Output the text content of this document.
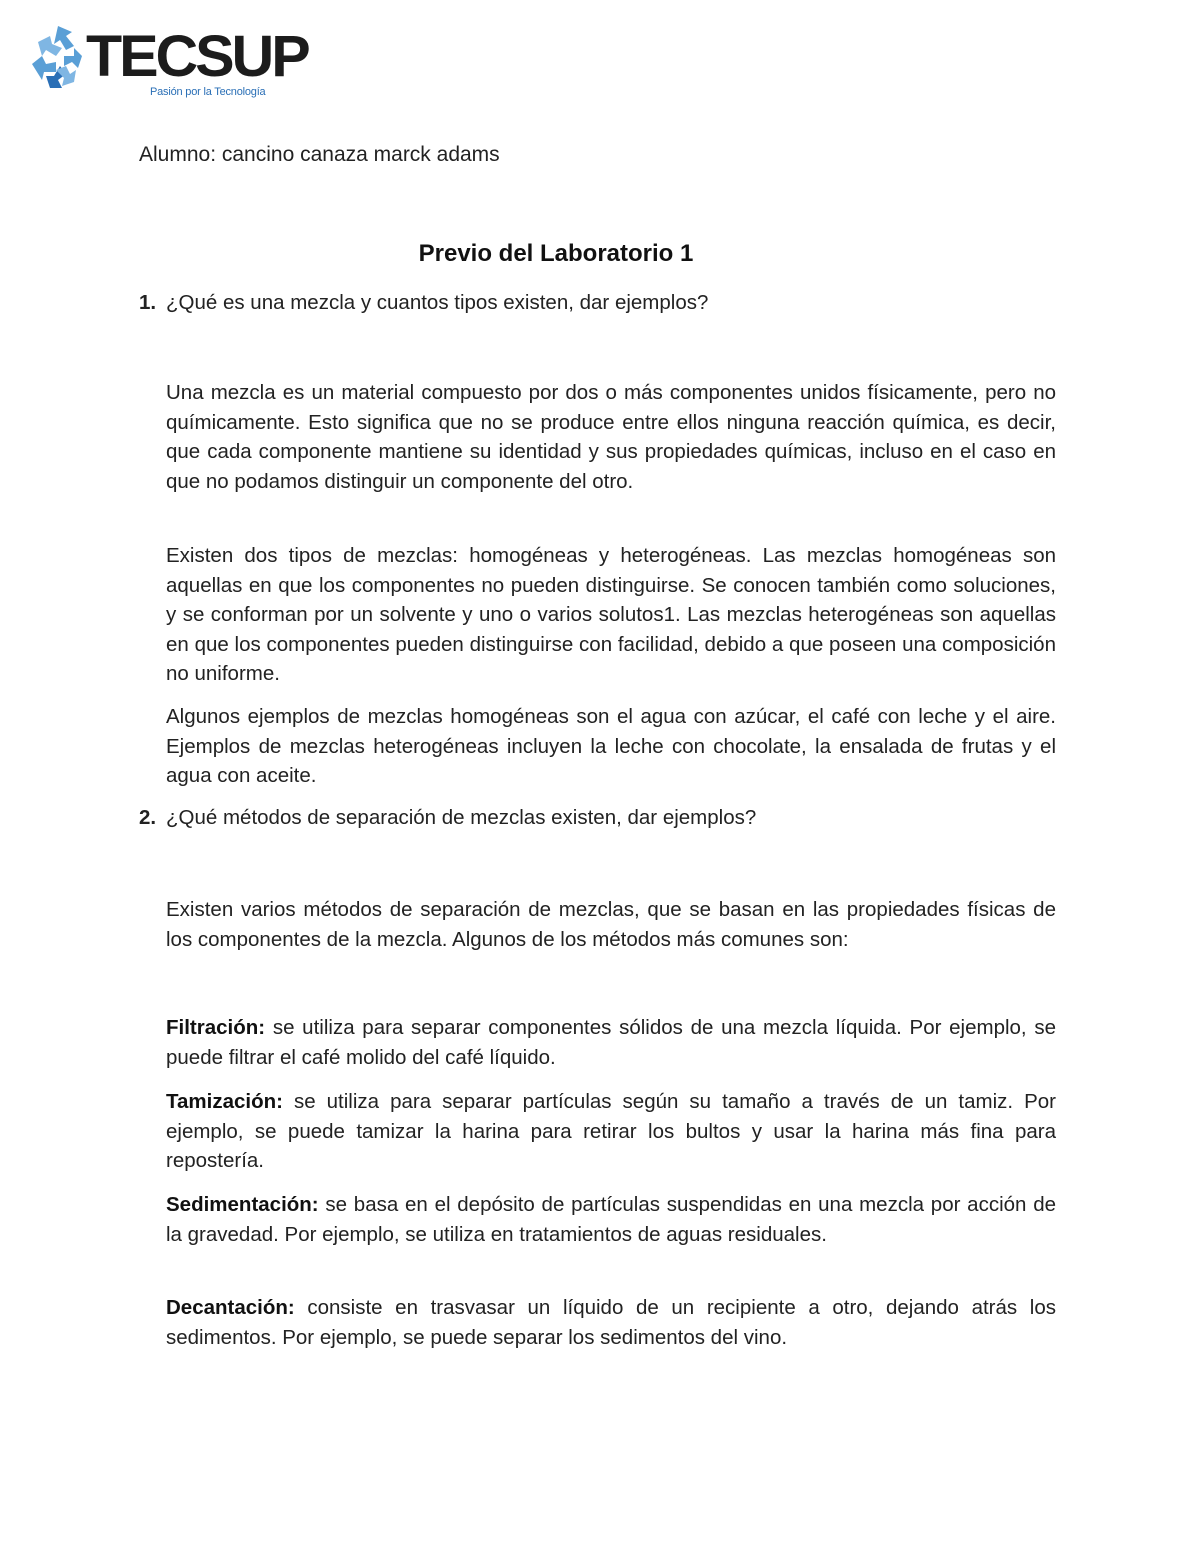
TECSUP
Pasión por la Tecnología
Alumno: cancino canaza marck adams
Previo del Laboratorio 1
1. ¿Qué es una mezcla y cuantos tipos existen, dar ejemplos?

Una mezcla es un material compuesto por dos o más componentes unidos físicamente, pero no químicamente. Esto significa que no se produce entre ellos ninguna reacción química, es decir, que cada componente mantiene su identidad y sus propiedades químicas, incluso en el caso en que no podamos distinguir un componente del otro.

Existen dos tipos de mezclas: homogéneas y heterogéneas. Las mezclas homogéneas son aquellas en que los componentes no pueden distinguirse. Se conocen también como soluciones, y se conforman por un solvente y uno o varios solutos1. Las mezclas heterogéneas son aquellas en que los componentes pueden distinguirse con facilidad, debido a que poseen una composición no uniforme.

Algunos ejemplos de mezclas homogéneas son el agua con azúcar, el café con leche y el aire. Ejemplos de mezclas heterogéneas incluyen la leche con chocolate, la ensalada de frutas y el agua con aceite.

2. ¿Qué métodos de separación de mezclas existen, dar ejemplos?

Existen varios métodos de separación de mezclas, que se basan en las propiedades físicas de los componentes de la mezcla. Algunos de los métodos más comunes son:

Filtración: se utiliza para separar componentes sólidos de una mezcla líquida. Por ejemplo, se puede filtrar el café molido del café líquido.

Tamización: se utiliza para separar partículas según su tamaño a través de un tamiz. Por ejemplo, se puede tamizar la harina para retirar los bultos y usar la harina más fina para repostería.

Sedimentación: se basa en el depósito de partículas suspendidas en una mezcla por acción de la gravedad. Por ejemplo, se utiliza en tratamientos de aguas residuales.

Decantación: consiste en trasvasar un líquido de un recipiente a otro, dejando atrás los sedimentos. Por ejemplo, se puede separar los sedimentos del vino.
